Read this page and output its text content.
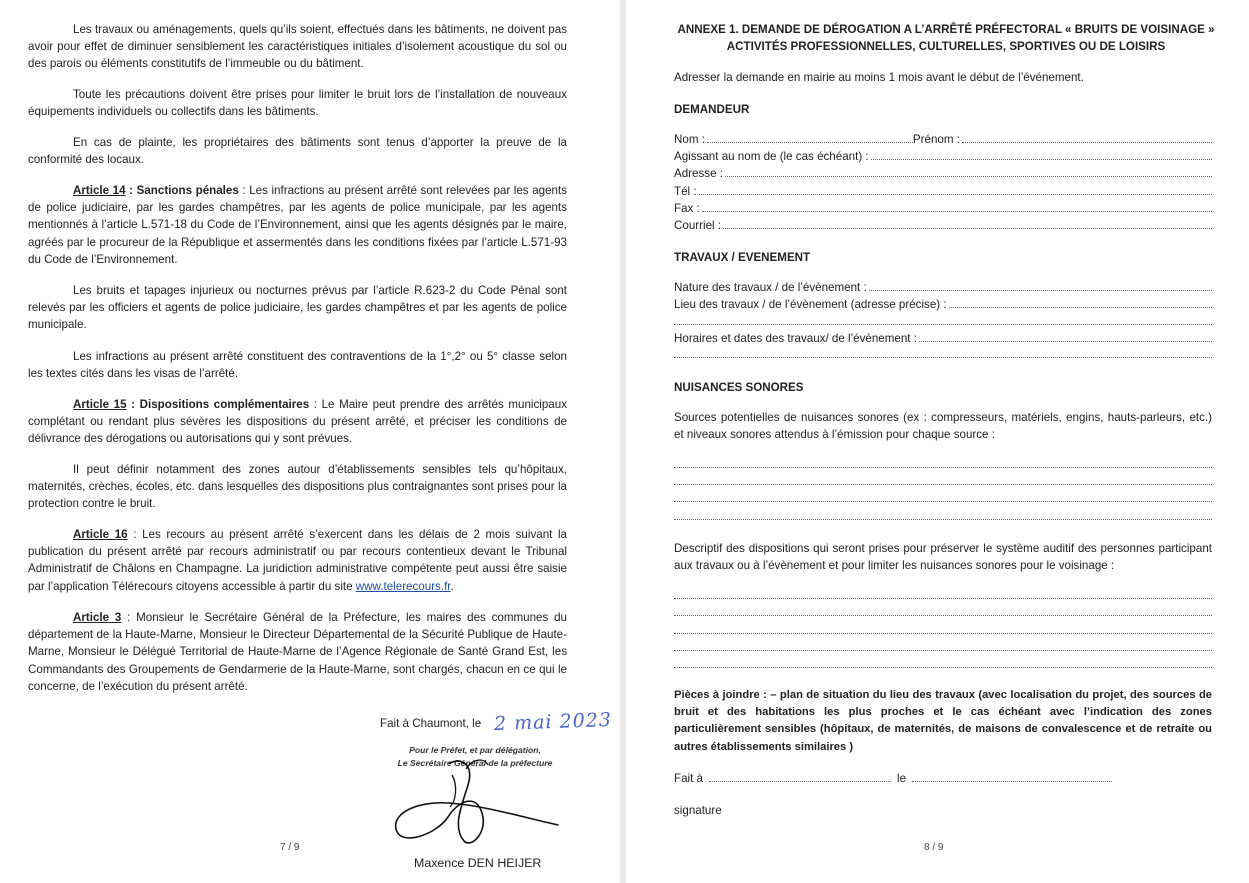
Les travaux ou aménagements, quels qu’ils soient, effectués dans les bâtiments, ne doivent pas avoir pour effet de diminuer sensiblement les caractéristiques initiales d’isolement acoustique du sol ou des parois ou éléments constitutifs de l’immeuble ou du bâtiment.
Toute les précautions doivent être prises pour limiter le bruit lors de l’installation de nouveaux équipements individuels ou collectifs dans les bâtiments.
En cas de plainte, les propriétaires des bâtiments sont tenus d’apporter la preuve de la conformité des locaux.
Article 14 : Sanctions pénales : Les infractions au présent arrêté sont relevées par les agents de police judiciaire, par les gardes champêtres, par les agents de police municipale, par les agents mentionnés à l’article L.571-18 du Code de l’Environnement, ainsi que les agents désignés par le maire, agréés par le procureur de la République et assermentés dans les conditions fixées par l’article L.571-93 du Code de l’Environnement.
Les bruits et tapages injurieux ou nocturnes prévus par l’article R.623-2 du Code Pénal sont relevés par les officiers et agents de police judiciaire, les gardes champêtres et par les agents de police municipale.
Les infractions au présent arrêté constituent des contraventions de la 1°,2° ou 5° classe selon les textes cités dans les visas de l’arrêté.
Article 15 : Dispositions complémentaires : Le Maire peut prendre des arrêtés municipaux complétant ou rendant plus sévères les dispositions du présent arrêté, et préciser les conditions de délivrance des dérogations ou autorisations qui y sont prévues.
Il peut définir notamment des zones autour d’établissements sensibles tels qu’hôpitaux, maternités, crèches, écoles, etc. dans lesquelles des dispositions plus contraignantes sont prises pour la protection contre le bruit.
Article 16 : Les recours au présent arrêté s’exercent dans les délais de 2 mois suivant la publication du présent arrêté par recours administratif ou par recours contentieux devant le Tribunal Administratif de Châlons en Champagne. La juridiction administrative compétente peut aussi être saisie par l’application Télérecours citoyens accessible à partir du site www.telerecours.fr.
Article 3 : Monsieur le Secrétaire Général de la Préfecture, les maires des communes du département de la Haute-Marne, Monsieur le Directeur Départemental de la Sécurité Publique de Haute-Marne, Monsieur le Délégué Territorial de Haute-Marne de l’Agence Régionale de Santé Grand Est, les Commandants des Groupements de Gendarmerie de la Haute-Marne, sont chargés, chacun en ce qui le concerne, de l’exécution du présent arrêté.
Fait à Chaumont, le 2 mai 2023
Pour le Préfet, et par délégation,
Le Secrétaire Général de la préfecture
Maxence DEN HEIJER
7 / 9
ANNEXE 1. DEMANDE DE DÉROGATION A L’ARRÊTÉ PRÉFECTORAL « BRUITS DE VOISINAGE »
ACTIVITÉS PROFESSIONNELLES, CULTURELLES, SPORTIVES OU DE LOISIRS
Adresser la demande en mairie au moins 1 mois avant le début de l’événement.
DEMANDEUR
Nom :	Prénom :
Agissant au nom de (le cas échéant) :
Adresse :
Tél :
Fax :
Courriel :
TRAVAUX / EVENEMENT
Nature des travaux / de l’évènement :
Lieu des travaux / de l’évènement (adresse précise) :
Horaires et dates des travaux/ de l’évènement :
NUISANCES SONORES
Sources potentielles de nuisances sonores (ex : compresseurs, matériels, engins, hauts-parleurs, etc.) et niveaux sonores attendus à l’émission pour chaque source :
Descriptif des dispositions qui seront prises pour préserver le système auditif des personnes participant aux travaux ou à l’évènement et pour limiter les nuisances sonores pour le voisinage :
Pièces à joindre : – plan de situation du lieu des travaux (avec localisation du projet, des sources de bruit et des habitations les plus proches et le cas échéant avec l’indication des zones particulièrement sensibles (hôpitaux, de maternités, de maisons de convalescence et de retraite ou autres établissements similaires )
Fait à	le
signature
8 / 9
